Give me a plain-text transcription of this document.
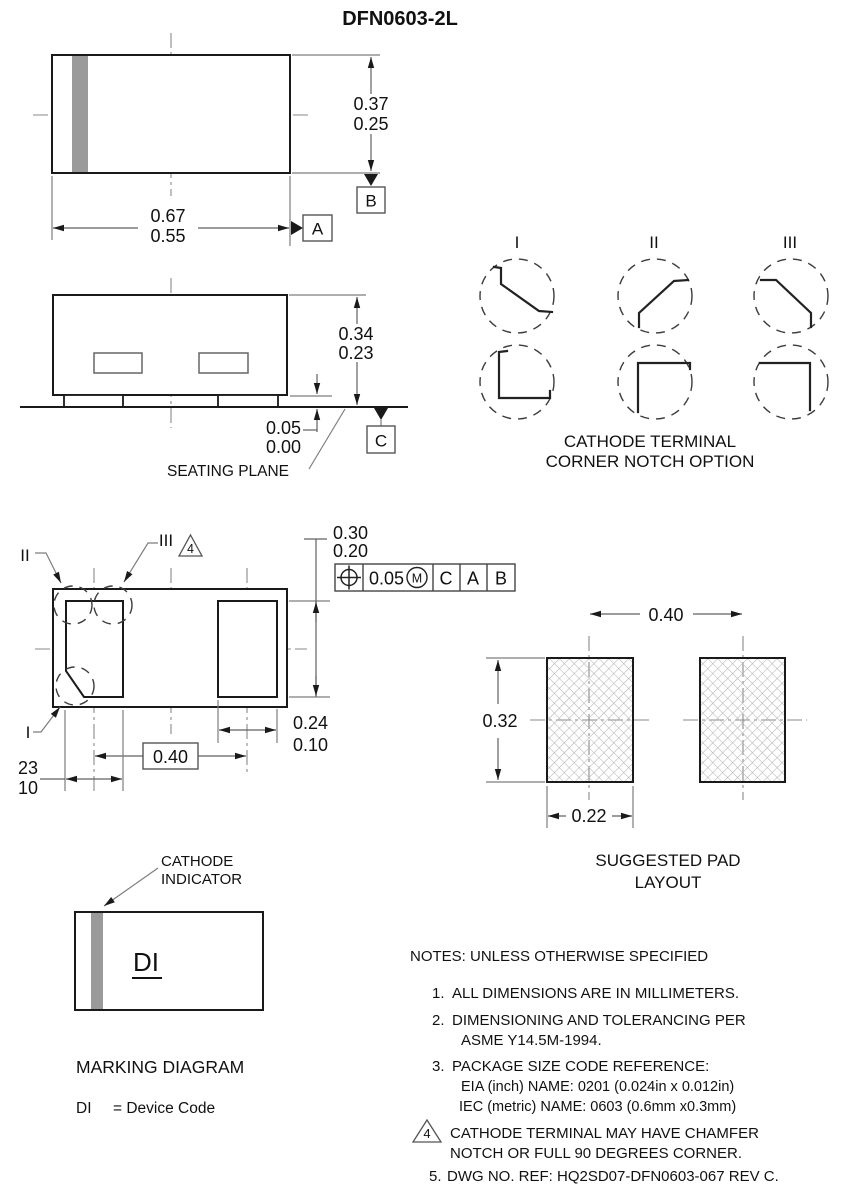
DFN0603-2L
0.37
0.25
B
0.67
0.55	A
0.34
0.23
0.05
0.00
SEATING PLANE
C
I	II	III
CATHODE TERMINAL
CORNER NOTCH OPTION
II
III 4
I
0.30
0.20
0.05 M C A B
0.24
0.10
0.40
23
10
0.40
0.32
0.22
SUGGESTED PAD
LAYOUT
CATHODE
INDICATOR
DI
MARKING DIAGRAM
DI = Device Code
NOTES: UNLESS OTHERWISE SPECIFIED
1. ALL DIMENSIONS ARE IN MILLIMETERS.
2. DIMENSIONING AND TOLERANCING PER
ASME Y14.5M-1994.
3. PACKAGE SIZE CODE REFERENCE:
EIA (inch) NAME: 0201 (0.024in x 0.012in)
IEC (metric) NAME: 0603 (0.6mm x0.3mm)
4 CATHODE TERMINAL MAY HAVE CHAMFER
NOTCH OR FULL 90 DEGREES CORNER.
5. DWG NO. REF: HQ2SD07-DFN0603-067 REV C.
